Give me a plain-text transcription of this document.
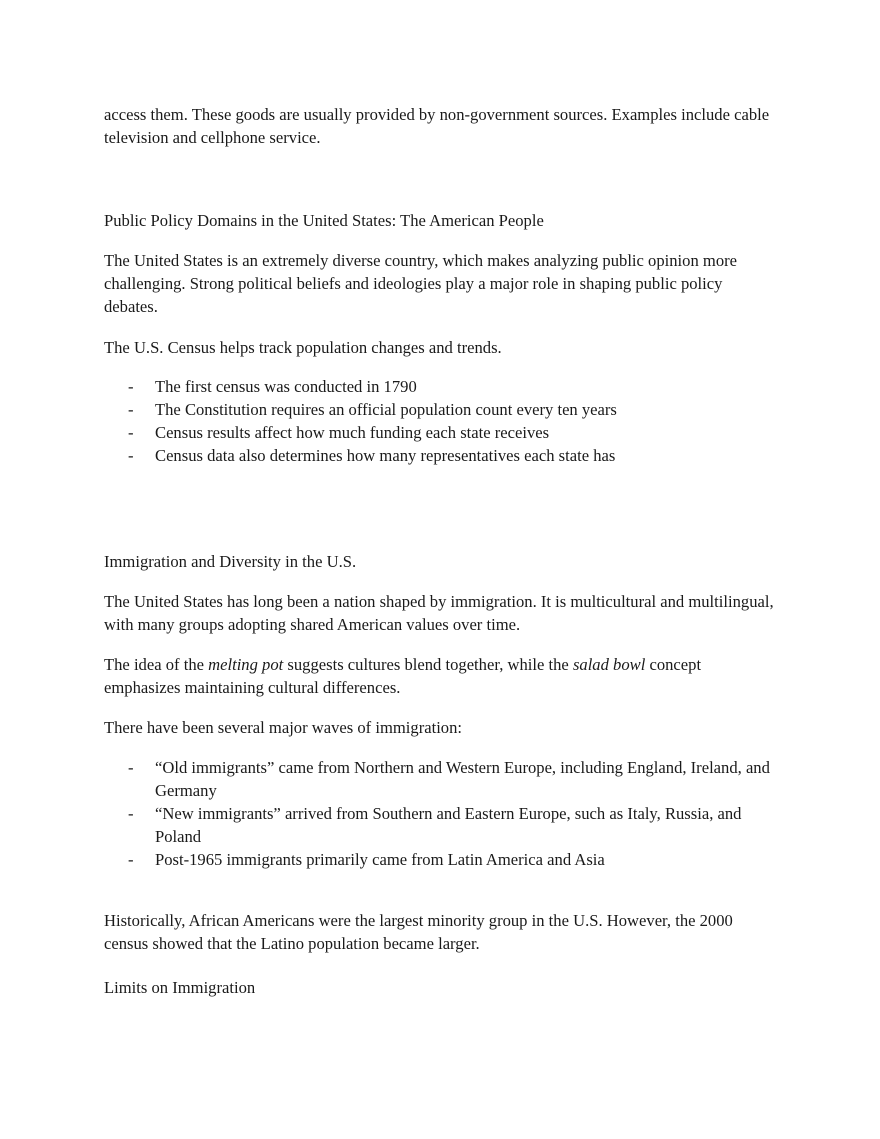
access them. These goods are usually provided by non-government sources. Examples include cable television and cellphone service.

Public Policy Domains in the United States: The American People

The United States is an extremely diverse country, which makes analyzing public opinion more challenging. Strong political beliefs and ideologies play a major role in shaping public policy debates.

The U.S. Census helps track population changes and trends.

- The first census was conducted in 1790
- The Constitution requires an official population count every ten years
- Census results affect how much funding each state receives
- Census data also determines how many representatives each state has

Immigration and Diversity in the U.S.

The United States has long been a nation shaped by immigration. It is multicultural and multilingual, with many groups adopting shared American values over time.

The idea of the melting pot suggests cultures blend together, while the salad bowl concept emphasizes maintaining cultural differences.

There have been several major waves of immigration:

- “Old immigrants” came from Northern and Western Europe, including England, Ireland, and Germany
- “New immigrants” arrived from Southern and Eastern Europe, such as Italy, Russia, and Poland
- Post-1965 immigrants primarily came from Latin America and Asia

Historically, African Americans were the largest minority group in the U.S. However, the 2000 census showed that the Latino population became larger.

Limits on Immigration
